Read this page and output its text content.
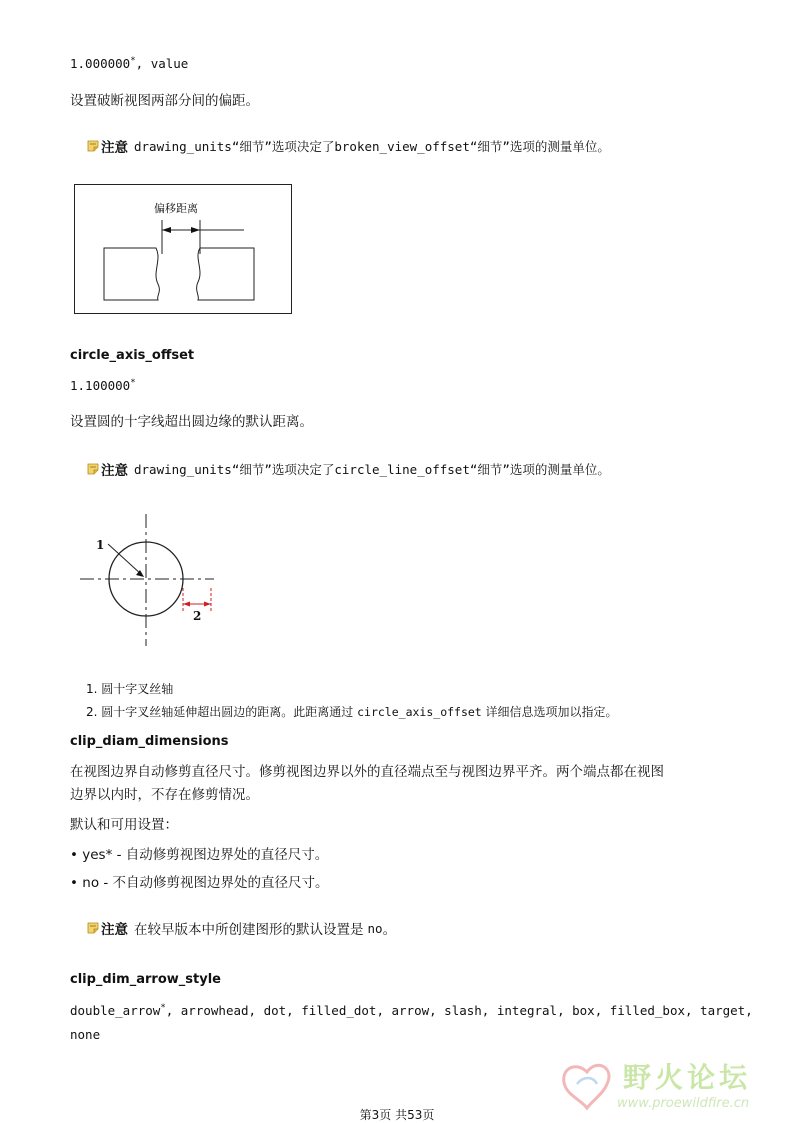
1.000000*, value
设置破断视图两部分间的偏距。
注意 drawing_units“细节”选项决定了broken_view_offset“细节”选项的测量单位。
偏移距离
circle_axis_offset
1.100000*
设置圆的十字线超出圆边缘的默认距离。
注意 drawing_units“细节”选项决定了circle_line_offset“细节”选项的测量单位。
1
2
1. 圆十字叉丝轴
2. 圆十字叉丝轴延伸超出圆边的距离。此距离通过 circle_axis_offset 详细信息选项加以指定。
clip_diam_dimensions
在视图边界自动修剪直径尺寸。修剪视图边界以外的直径端点至与视图边界平齐。两个端点都在视图
边界以内时，不存在修剪情况。
默认和可用设置：
• yes* - 自动修剪视图边界处的直径尺寸。
• no - 不自动修剪视图边界处的直径尺寸。
注意 在较早版本中所创建图形的默认设置是 no 。
clip_dim_arrow_style
double_arrow*, arrowhead, dot, filled_dot, arrow, slash, integral, box, filled_box, target,
none
野火论坛
www.proewildfire.cn
第3页 共53页
